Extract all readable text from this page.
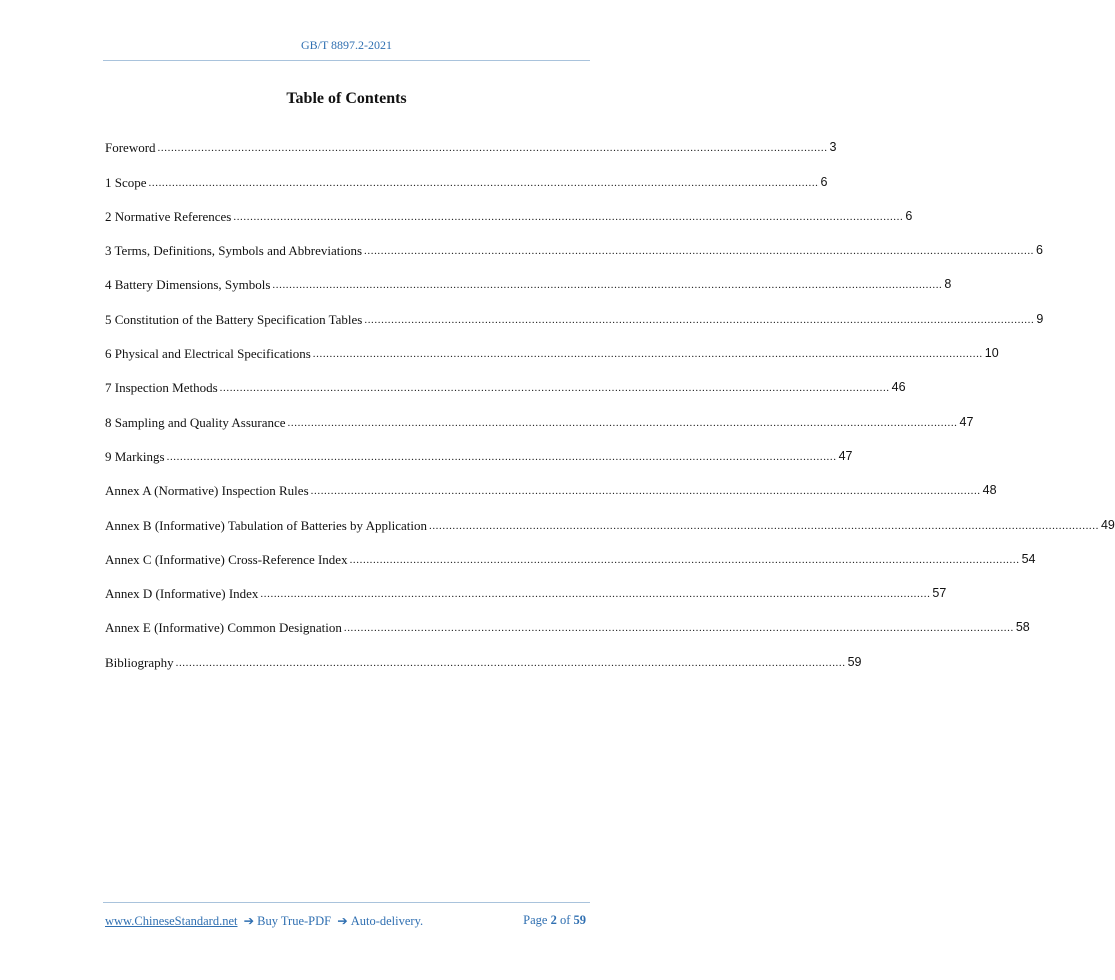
GB/T 8897.2-2021
Table of Contents
Foreword ........................................................................................................................................................................................................ 3
1 Scope ........................................................................................................................................................................................................ 6
2 Normative References ........................................................................................................................................................................................................ 6
3 Terms, Definitions, Symbols and Abbreviations ........................................................................................................................................................................................................ 6
4 Battery Dimensions, Symbols ........................................................................................................................................................................................................ 8
5 Constitution of the Battery Specification Tables ........................................................................................................................................................................................................ 9
6 Physical and Electrical Specifications ........................................................................................................................................................................................................ 10
7 Inspection Methods ........................................................................................................................................................................................................ 46
8 Sampling and Quality Assurance ........................................................................................................................................................................................................ 47
9 Markings ........................................................................................................................................................................................................ 47
Annex A (Normative) Inspection Rules ........................................................................................................................................................................................................ 48
Annex B (Informative) Tabulation of Batteries by Application ........................................................................................................................................................................................................ 49
Annex C (Informative) Cross-Reference Index ........................................................................................................................................................................................................ 54
Annex D (Informative) Index ........................................................................................................................................................................................................ 57
Annex E (Informative) Common Designation ........................................................................................................................................................................................................ 58
Bibliography ........................................................................................................................................................................................................ 59
www.ChineseStandard.net ➔ Buy True-PDF ➔ Auto-delivery.	Page 2 of 59
